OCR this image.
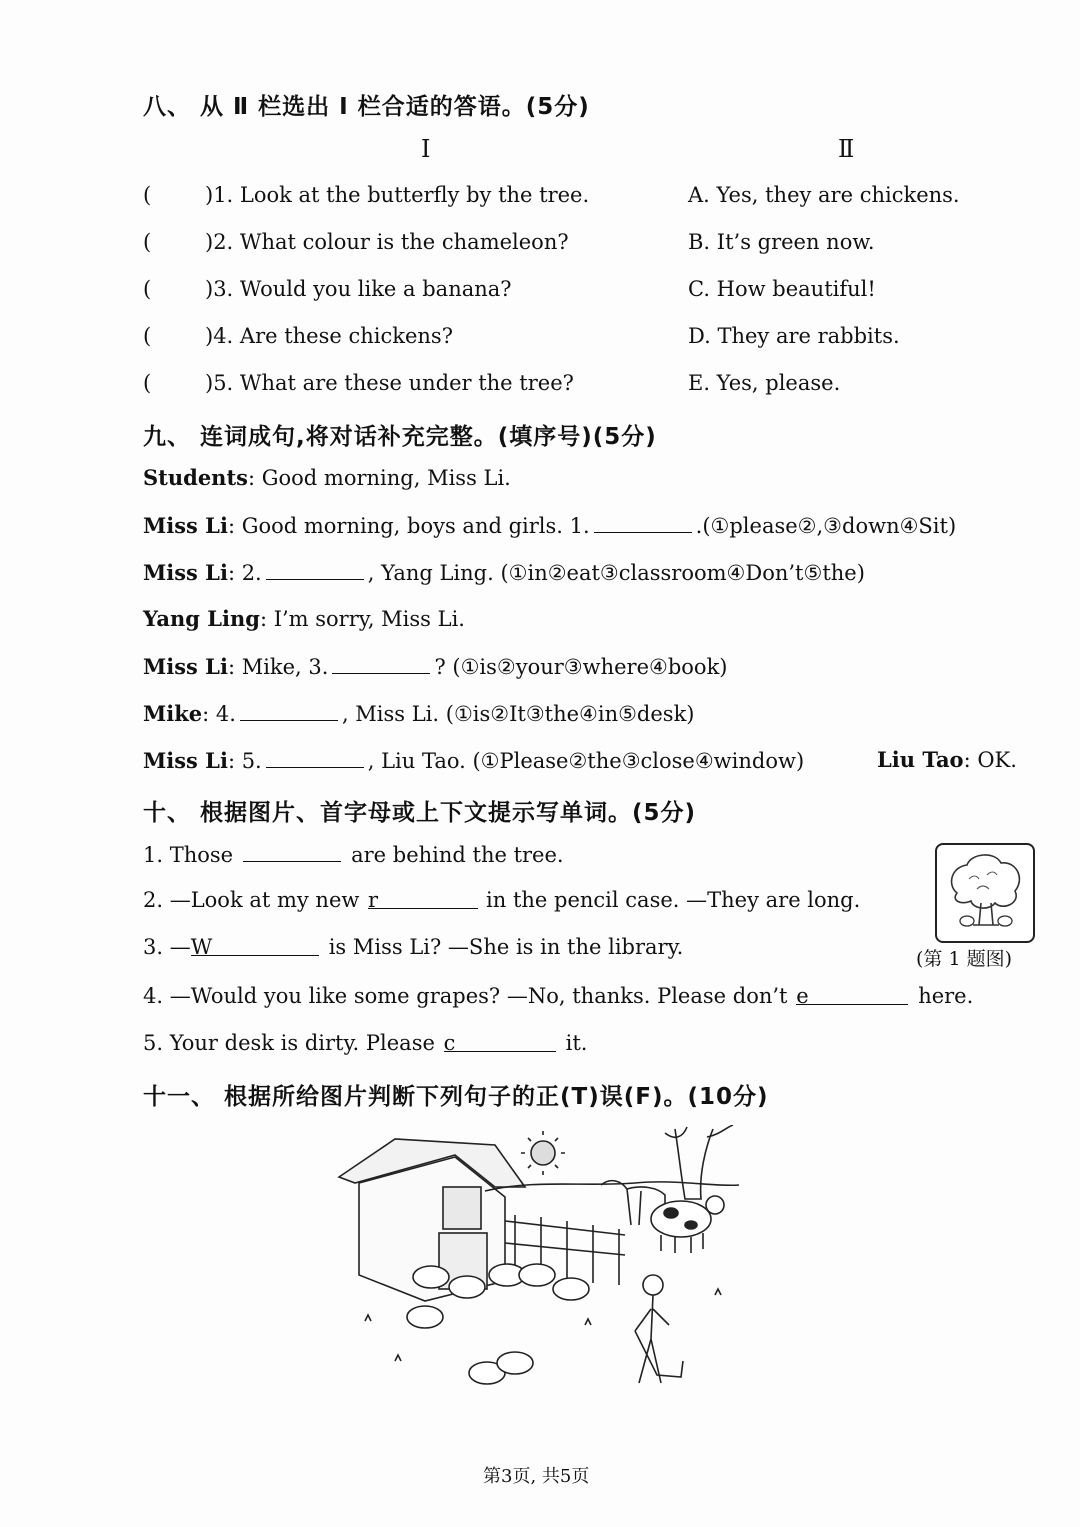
八、 从 Ⅱ 栏选出 Ⅰ 栏合适的答语。(5分)
Ⅰ	Ⅱ
(	)1. Look at the butterfly by the tree.	A. Yes, they are chickens.
(	)2. What colour is the chameleon?	B. It’s green now.
(	)3. Would you like a banana?	C. How beautiful!
(	)4. Are these chickens?	D. They are rabbits.
(	)5. What are these under the tree?	E. Yes, please.
九、 连词成句,将对话补充完整。(填序号)(5分)
Students: Good morning, Miss Li.
Miss Li: Good morning, boys and girls. 1.	.(①please②,③down④Sit)
Miss Li: 2.	, Yang Ling. (①in②eat③classroom④Don’t⑤the)
Yang Ling: I’m sorry, Miss Li.
Miss Li: Mike, 3.	? (①is②your③where④book)
Mike: 4.	, Miss Li. (①is②It③the④in⑤desk)
Miss Li: 5.	, Liu Tao. (①Please②the③close④window)	Liu Tao: OK.
十、 根据图片、首字母或上下文提示写单词。(5分)
1. Those	are behind the tree.
2. —Look at my new r	in the pencil case. —They are long.
3. —W	is Miss Li? —She is in the library.
4. —Would you like some grapes? —No, thanks. Please don’t e	here.
5. Your desk is dirty. Please c	it.
(第 1 题图)
十一、 根据所给图片判断下列句子的正(T)误(F)。(10分)
第3页, 共5页
